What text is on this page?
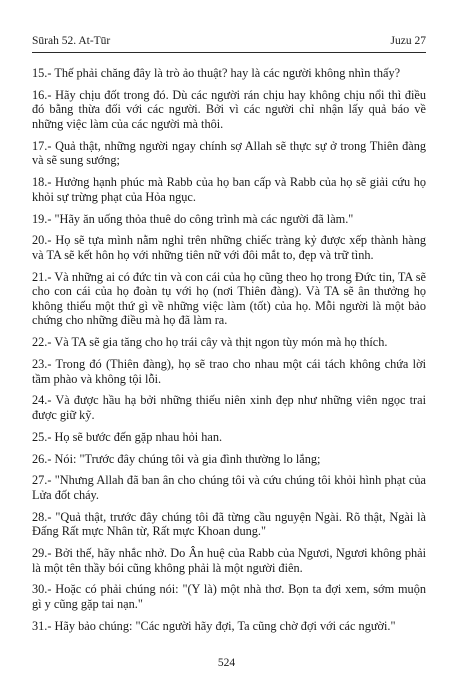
Sūrah 52. At-Tūr	Juzu 27

15.- Thế phải chăng đây là trò ảo thuật? hay là các người không nhìn thấy?

16.- Hãy chịu đốt trong đó. Dù các người rán chịu hay không chịu nổi thì điều đó bằng thừa đối với các người. Bởi vì các người chỉ nhận lấy quả báo về những việc làm của các người mà thôi.

17.- Quả thật, những người ngay chính sợ Allah sẽ thực sự ở trong Thiên đàng và sẽ sung sướng;

18.- Hưởng hạnh phúc mà Rabb của họ ban cấp và Rabb của họ sẽ giải cứu họ khỏi sự trừng phạt của Hỏa ngục.

19.- "Hãy ăn uống thỏa thuê do công trình mà các người đã làm."

20.- Họ sẽ tựa mình nằm nghỉ trên những chiếc tràng kỷ được xếp thành hàng và TA sẽ kết hôn họ với những tiên nữ với đôi mắt to, đẹp và trữ tình.

21.- Và những ai có đức tin và con cái của họ cũng theo họ trong Đức tin, TA sẽ cho con cái của họ đoàn tụ với họ (nơi Thiên đàng). Và TA sẽ ân thưởng họ không thiếu một thứ gì về những việc làm (tốt) của họ. Mỗi người là một bảo chứng cho những điều mà họ đã làm ra.

22.- Và TA sẽ gia tăng cho họ trái cây và thịt ngon tùy món mà họ thích.

23.- Trong đó (Thiên đàng), họ sẽ trao cho nhau một cái tách không chứa lời tầm phào và không tội lỗi.

24.- Và được hầu hạ bởi những thiếu niên xinh đẹp như những viên ngọc trai được giữ kỹ.

25.- Họ sẽ bước đến gặp nhau hỏi han.

26.- Nói: "Trước đây chúng tôi và gia đình thường lo lắng;

27.- "Nhưng Allah đã ban ân cho chúng tôi và cứu chúng tôi khỏi hình phạt của Lửa đốt cháy.

28.- "Quả thật, trước đây chúng tôi đã từng cầu nguyện Ngài. Rõ thật, Ngài là Đấng Rất mực Nhân từ, Rất mực Khoan dung."

29.- Bởi thế, hãy nhắc nhở. Do Ân huệ của Rabb của Ngươi, Ngươi không phải là một tên thầy bói cũng không phải là một người điên.

30.- Hoặc có phải chúng nói: "(Y là) một nhà thơ. Bọn ta đợi xem, sớm muộn gì y cũng gặp tai nạn."

31.- Hãy bảo chúng: "Các người hãy đợi, Ta cũng chờ đợi với các người."

524
